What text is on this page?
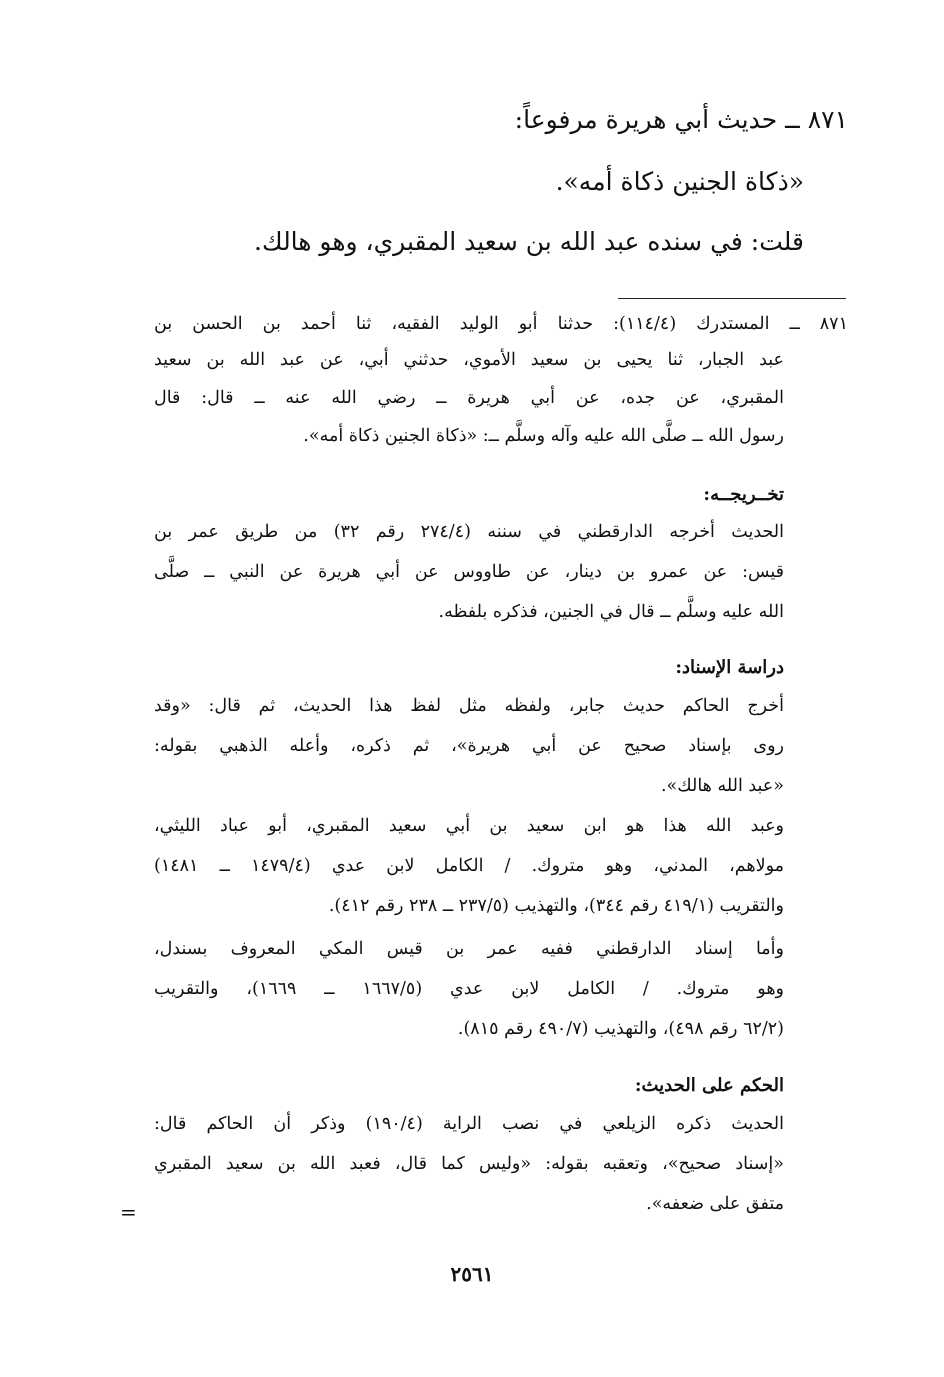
٨٧١ ــ حديث أبي هريرة مرفوعاً:
«ذكاة الجنين ذكاة أمه».
قلت: في سنده عبد الله بن سعيد المقبري، وهو هالك.
٨٧١ ــ المستدرك (١١٤/٤): حدثنا أبو الوليد الفقيه، ثنا أحمد بن الحسن بن
عبد الجبار، ثنا يحيى بن سعيد الأموي، حدثني أبي، عن عبد الله بن سعيد
المقبري، عن جده، عن أبي هريرة ــ رضي الله عنه ــ قال: قال
رسول الله ــ صلَّى الله عليه وآله وسلَّم ــ: «ذكاة الجنين ذكاة أمه».
تخــريجــه:
الحديث أخرجه الدارقطني في سننه (٢٧٤/٤ رقم ٣٢) من طريق عمر بن
قيس: عن عمرو بن دينار، عن طاووس عن أبي هريرة عن النبي ــ صلَّى
الله عليه وسلَّم ــ قال في الجنين، فذكره بلفظه.
دراسة الإسناد:
أخرج الحاكم حديث جابر، ولفظه مثل لفظ هذا الحديث، ثم قال: «وقد
روى بإسناد صحيح عن أبي هريرة»، ثم ذكره، وأعله الذهبي بقوله:
«عبد الله هالك».
وعبد الله هذا هو ابن سعيد بن أبي سعيد المقبري، أبو عباد الليثي،
مولاهم، المدني، وهو متروك. / الكامل لابن عدي (١٤٧٩/٤ ــ ١٤٨١)
والتقريب (٤١٩/١ رقم ٣٤٤)، والتهذيب (٢٣٧/٥ ــ ٢٣٨ رقم ٤١٢).
وأما إسناد الدارقطني ففيه عمر بن قيس المكي المعروف بسندل،
وهو متروك. / الكامل لابن عدي (١٦٦٧/٥ ــ ١٦٦٩)، والتقريب
(٦٢/٢ رقم ٤٩٨)، والتهذيب (٤٩٠/٧ رقم ٨١٥).
الحكم على الحديث:
الحديث ذكره الزيلعي في نصب الراية (١٩٠/٤) وذكر أن الحاكم قال:
«إسناد صحيح»، وتعقبه بقوله: «وليس كما قال، فعبد الله بن سعيد المقبري
متفق على ضعفه».
=
٢٥٦١
